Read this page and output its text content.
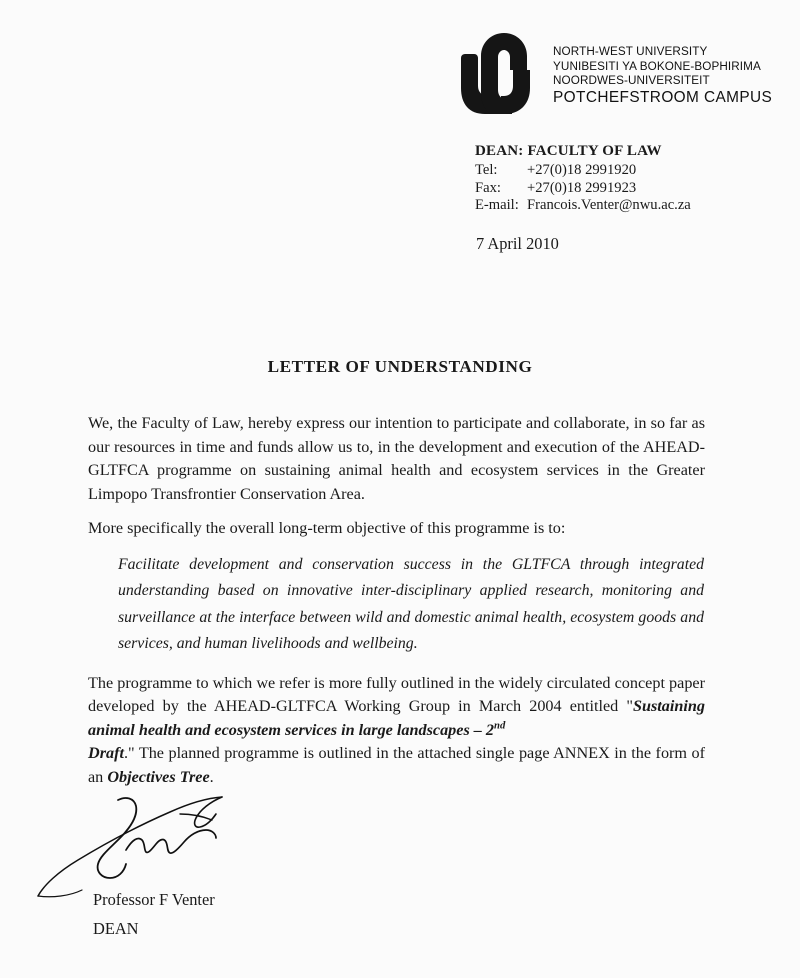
NORTH-WEST UNIVERSITY
YUNIBESITI YA BOKONE-BOPHIRIMA
NOORDWES-UNIVERSITEIT
POTCHEFSTROOM CAMPUS
DEAN: FACULTY OF LAW
Tel:	+27(0)18 2991920
Fax:	+27(0)18 2991923
E-mail: Francois.Venter@nwu.ac.za
7 April 2010
LETTER OF UNDERSTANDING

We, the Faculty of Law, hereby express our intention to participate and collaborate, in so far as our resources in time and funds allow us to, in the development and execution of the AHEAD-GLTFCA programme on sustaining animal health and ecosystem services in the Greater Limpopo Transfrontier Conservation Area.

More specifically the overall long-term objective of this programme is to:

Facilitate development and conservation success in the GLTFCA through integrated understanding based on innovative inter-disciplinary applied research, monitoring and surveillance at the interface between wild and domestic animal health, ecosystem goods and services, and human livelihoods and wellbeing.

The programme to which we refer is more fully outlined in the widely circulated concept paper developed by the AHEAD-GLTFCA Working Group in March 2004 entitled "Sustaining animal health and ecosystem services in large landscapes – 2nd
Draft." The planned programme is outlined in the attached single page ANNEX in the form of an Objectives Tree.

Professor F Venter
DEAN
